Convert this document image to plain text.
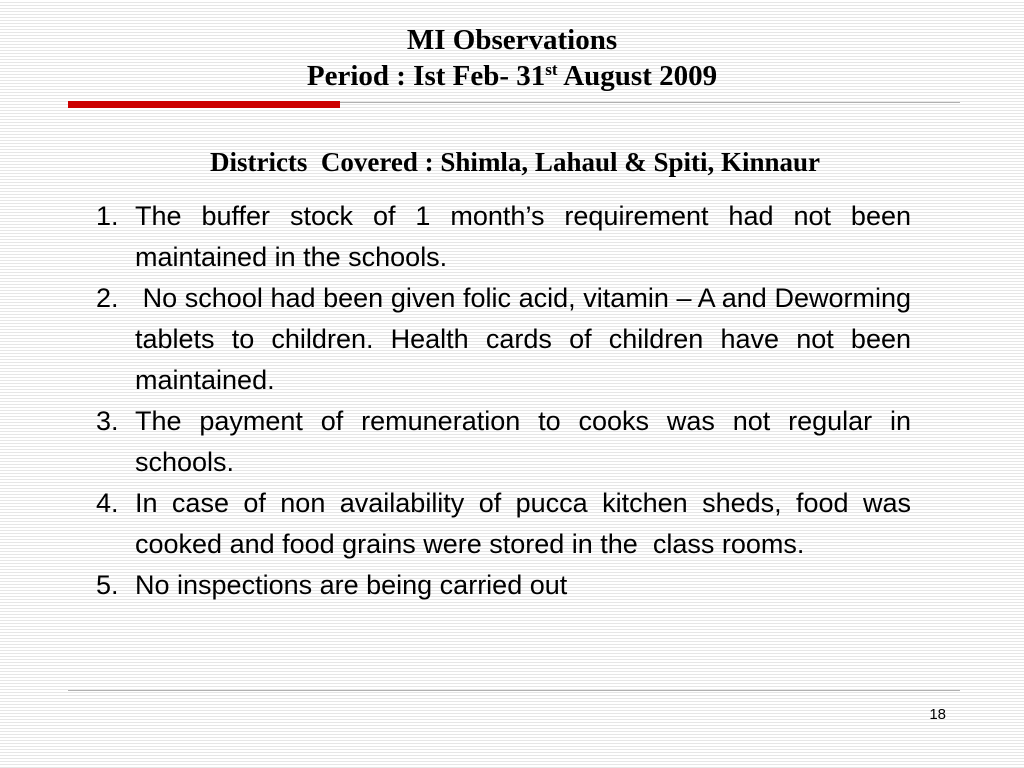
MI Observations
Period : Ist Feb- 31st August 2009
Districts  Covered : Shimla, Lahaul & Spiti, Kinnaur
1. The buffer stock of 1 month’s requirement had not been maintained in the schools.
2. No school had been given folic acid, vitamin – A and Deworming tablets to children. Health cards of children have not been maintained.
3. The payment of remuneration to cooks was not regular in schools.
4. In case of non availability of pucca kitchen sheds, food was cooked and food grains were stored in the  class rooms.
5. No inspections are being carried out
18
